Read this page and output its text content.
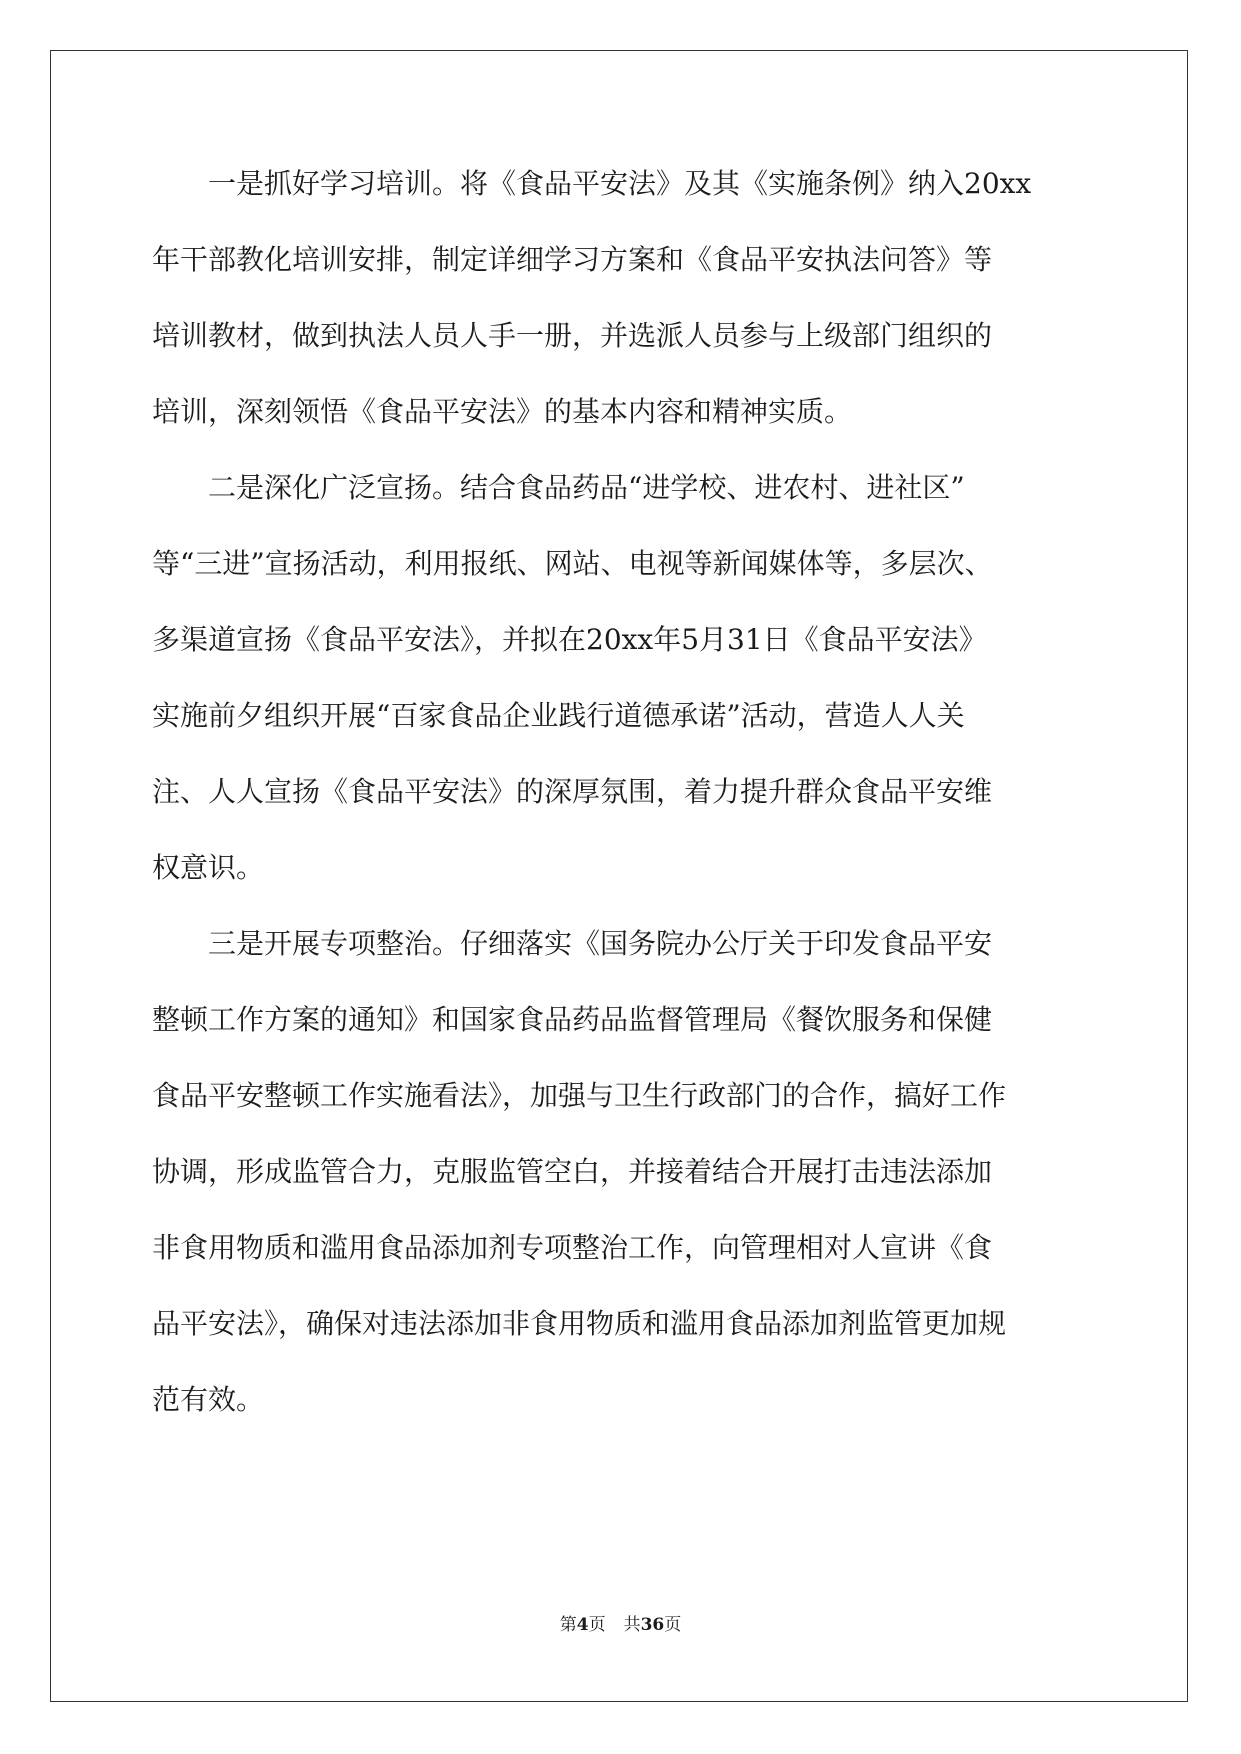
　　一是抓好学习培训。将《食品平安法》及其《实施条例》纳入20xx
年干部教化培训安排，制定详细学习方案和《食品平安执法问答》等
培训教材，做到执法人员人手一册，并选派人员参与上级部门组织的
培训，深刻领悟《食品平安法》的基本内容和精神实质。
　　二是深化广泛宣扬。结合食品药品“进学校、进农村、进社区”
等“三进”宣扬活动，利用报纸、网站、电视等新闻媒体等，多层次、
多渠道宣扬《食品平安法》，并拟在20xx年5月31日《食品平安法》
实施前夕组织开展“百家食品企业践行道德承诺”活动，营造人人关
注、人人宣扬《食品平安法》的深厚氛围，着力提升群众食品平安维
权意识。
　　三是开展专项整治。仔细落实《国务院办公厅关于印发食品平安
整顿工作方案的通知》和国家食品药品监督管理局《餐饮服务和保健
食品平安整顿工作实施看法》，加强与卫生行政部门的合作，搞好工作
协调，形成监管合力，克服监管空白，并接着结合开展打击违法添加
非食用物质和滥用食品添加剂专项整治工作，向管理相对人宣讲《食
品平安法》，确保对违法添加非食用物质和滥用食品添加剂监管更加规
范有效。
第4页 共36页
